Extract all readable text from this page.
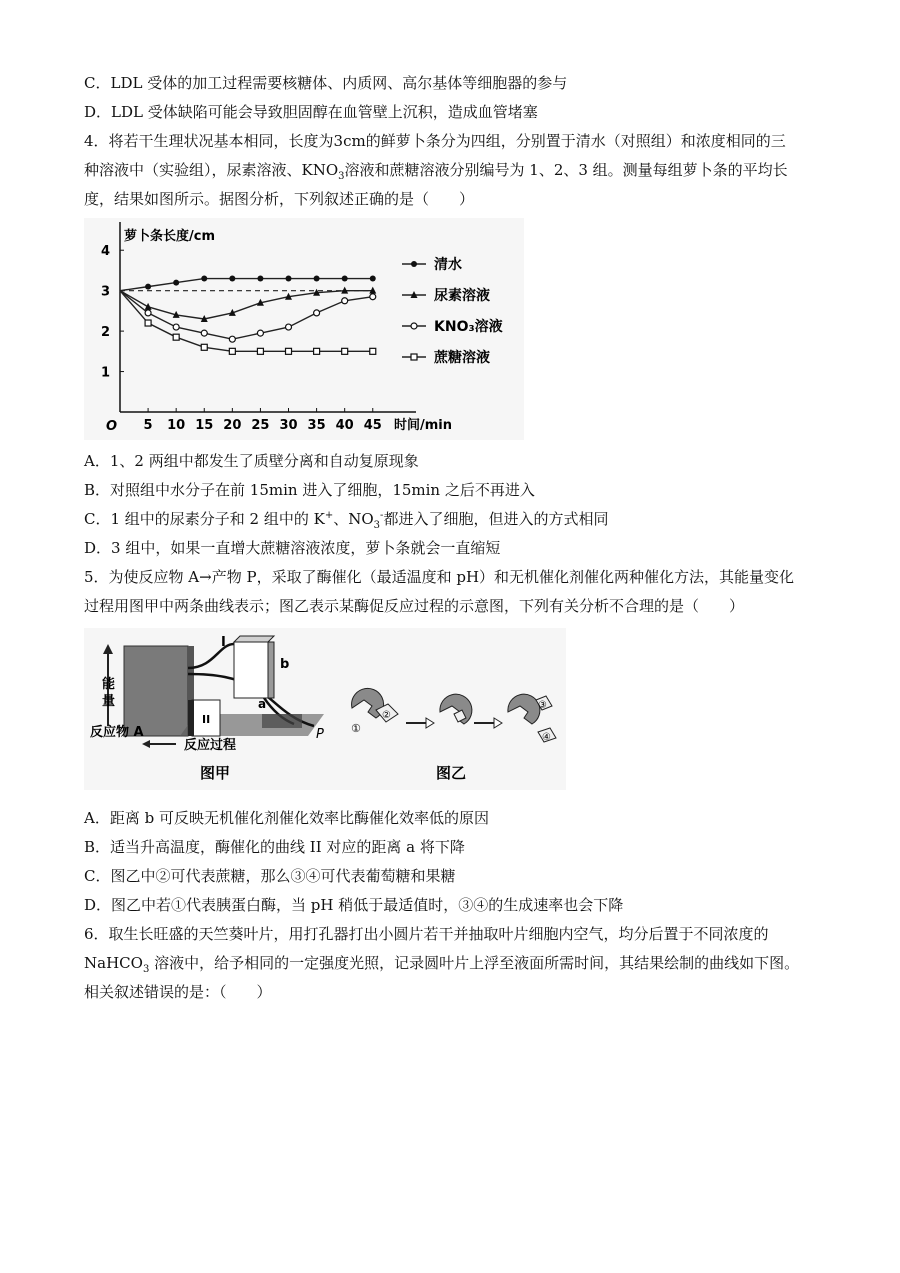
C．LDL 受体的加工过程需要核糖体、内质网、高尔基体等细胞器的参与
D．LDL 受体缺陷可能会导致胆固醇在血管壁上沉积，造成血管堵塞
4．将若干生理状况基本相同，长度为3cm的鲜萝卜条分为四组，分别置于清水（对照组）和浓度相同的三
种溶液中（实验组），尿素溶液、$KNO_3$溶液和蔗糖溶液分别编号为 1、2、3 组。测量每组萝卜条的平均长
度，结果如图所示。据图分析，下列叙述正确的是（　　）
萝卜条长度/cm
时间/min
O 5 10 15 20 25 30 35 40 45
1
2
3
4
清水
尿素溶液
KNO₃溶液
蔗糖溶液
A．1、2 两组中都发生了质壁分离和自动复原现象
B．对照组中水分子在前 15min 进入了细胞，15min 之后不再进入
C．1 组中的尿素分子和 2 组中的 K+、$NO_3^-$都进入了细胞，但进入的方式相同
D．3 组中，如果一直增大蔗糖溶液浓度，萝卜条就会一直缩短
5．为使反应物 A→产物 P，采取了酶催化（最适温度和 pH）和无机催化剂催化两种催化方法，其能量变化
过程用图甲中两条曲线表示；图乙表示某酶促反应过程的示意图，下列有关分析不合理的是（　　）
能
量
I
II
b
a
P
反应物 A
反应过程
图甲
①
②
③
④
图乙
A．距离 b 可反映无机催化剂催化效率比酶催化效率低的原因
B．适当升高温度，酶催化的曲线 II 对应的距离 a 将下降
C．图乙中②可代表蔗糖，那么③④可代表葡萄糖和果糖
D．图乙中若①代表胰蛋白酶，当 pH 稍低于最适值时，③④的生成速率也会下降
6．取生长旺盛的天竺葵叶片，用打孔器打出小圆片若干并抽取叶片细胞内空气，均分后置于不同浓度的
NaHCO$_3$ 溶液中，给予相同的一定强度光照，记录圆叶片上浮至液面所需时间，其结果绘制的曲线如下图。
相关叙述错误的是：（　　）
